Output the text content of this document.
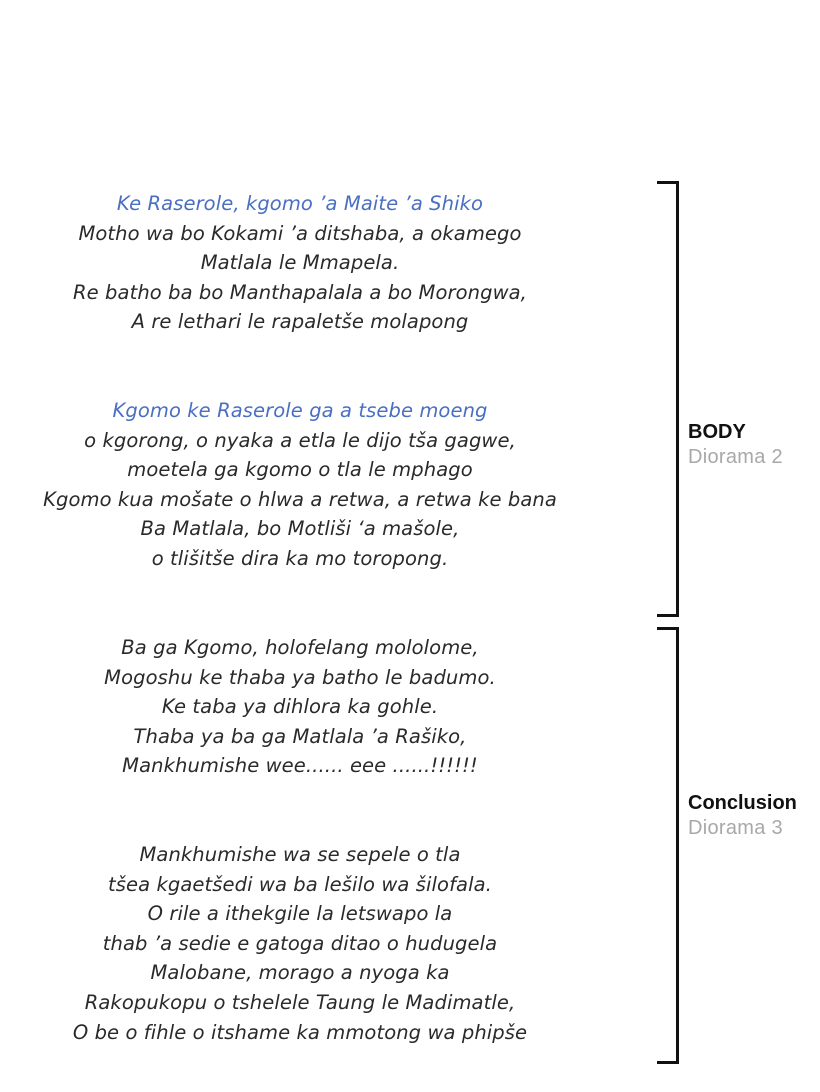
Ke Raserole, kgomo ’a Maite ’a Shiko
Motho wa bo Kokami ’a ditshaba, a okamego
Matlala le Mmapela.
Re batho ba bo Manthapalala a bo Morongwa,
A re lethari le rapaletše molapong
Kgomo ke Raserole ga a tsebe moeng
o kgorong, o nyaka a etla le dijo tša gagwe,
moetela ga kgomo o tla le mphago
Kgomo kua mošate o hlwa a retwa, a retwa ke bana
Ba Matlala, bo Motliši ‘a mašole,
o tlišitše dira ka mo toropong.
Ba ga Kgomo, holofelang mololome,
Mogoshu ke thaba ya batho le badumo.
Ke taba ya dihlora ka gohle.
Thaba ya ba ga Matlala ’a Rašiko,
Mankhumishe wee...... eee ......!!!!!!
Mankhumishe wa se sepele o tla
tšea kgaetšedi wa ba lešilo wa šilofala.
O rile a ithekgile la letswapo la
thab ’a sedie e gatoga ditao o hudugela
Malobane, morago a nyoga ka
Rakopukopu o tshelele Taung le Madimatle,
O be o fihle o itshame ka mmotong wa phipše
BODY
Diorama 2
Conclusion
Diorama 3
